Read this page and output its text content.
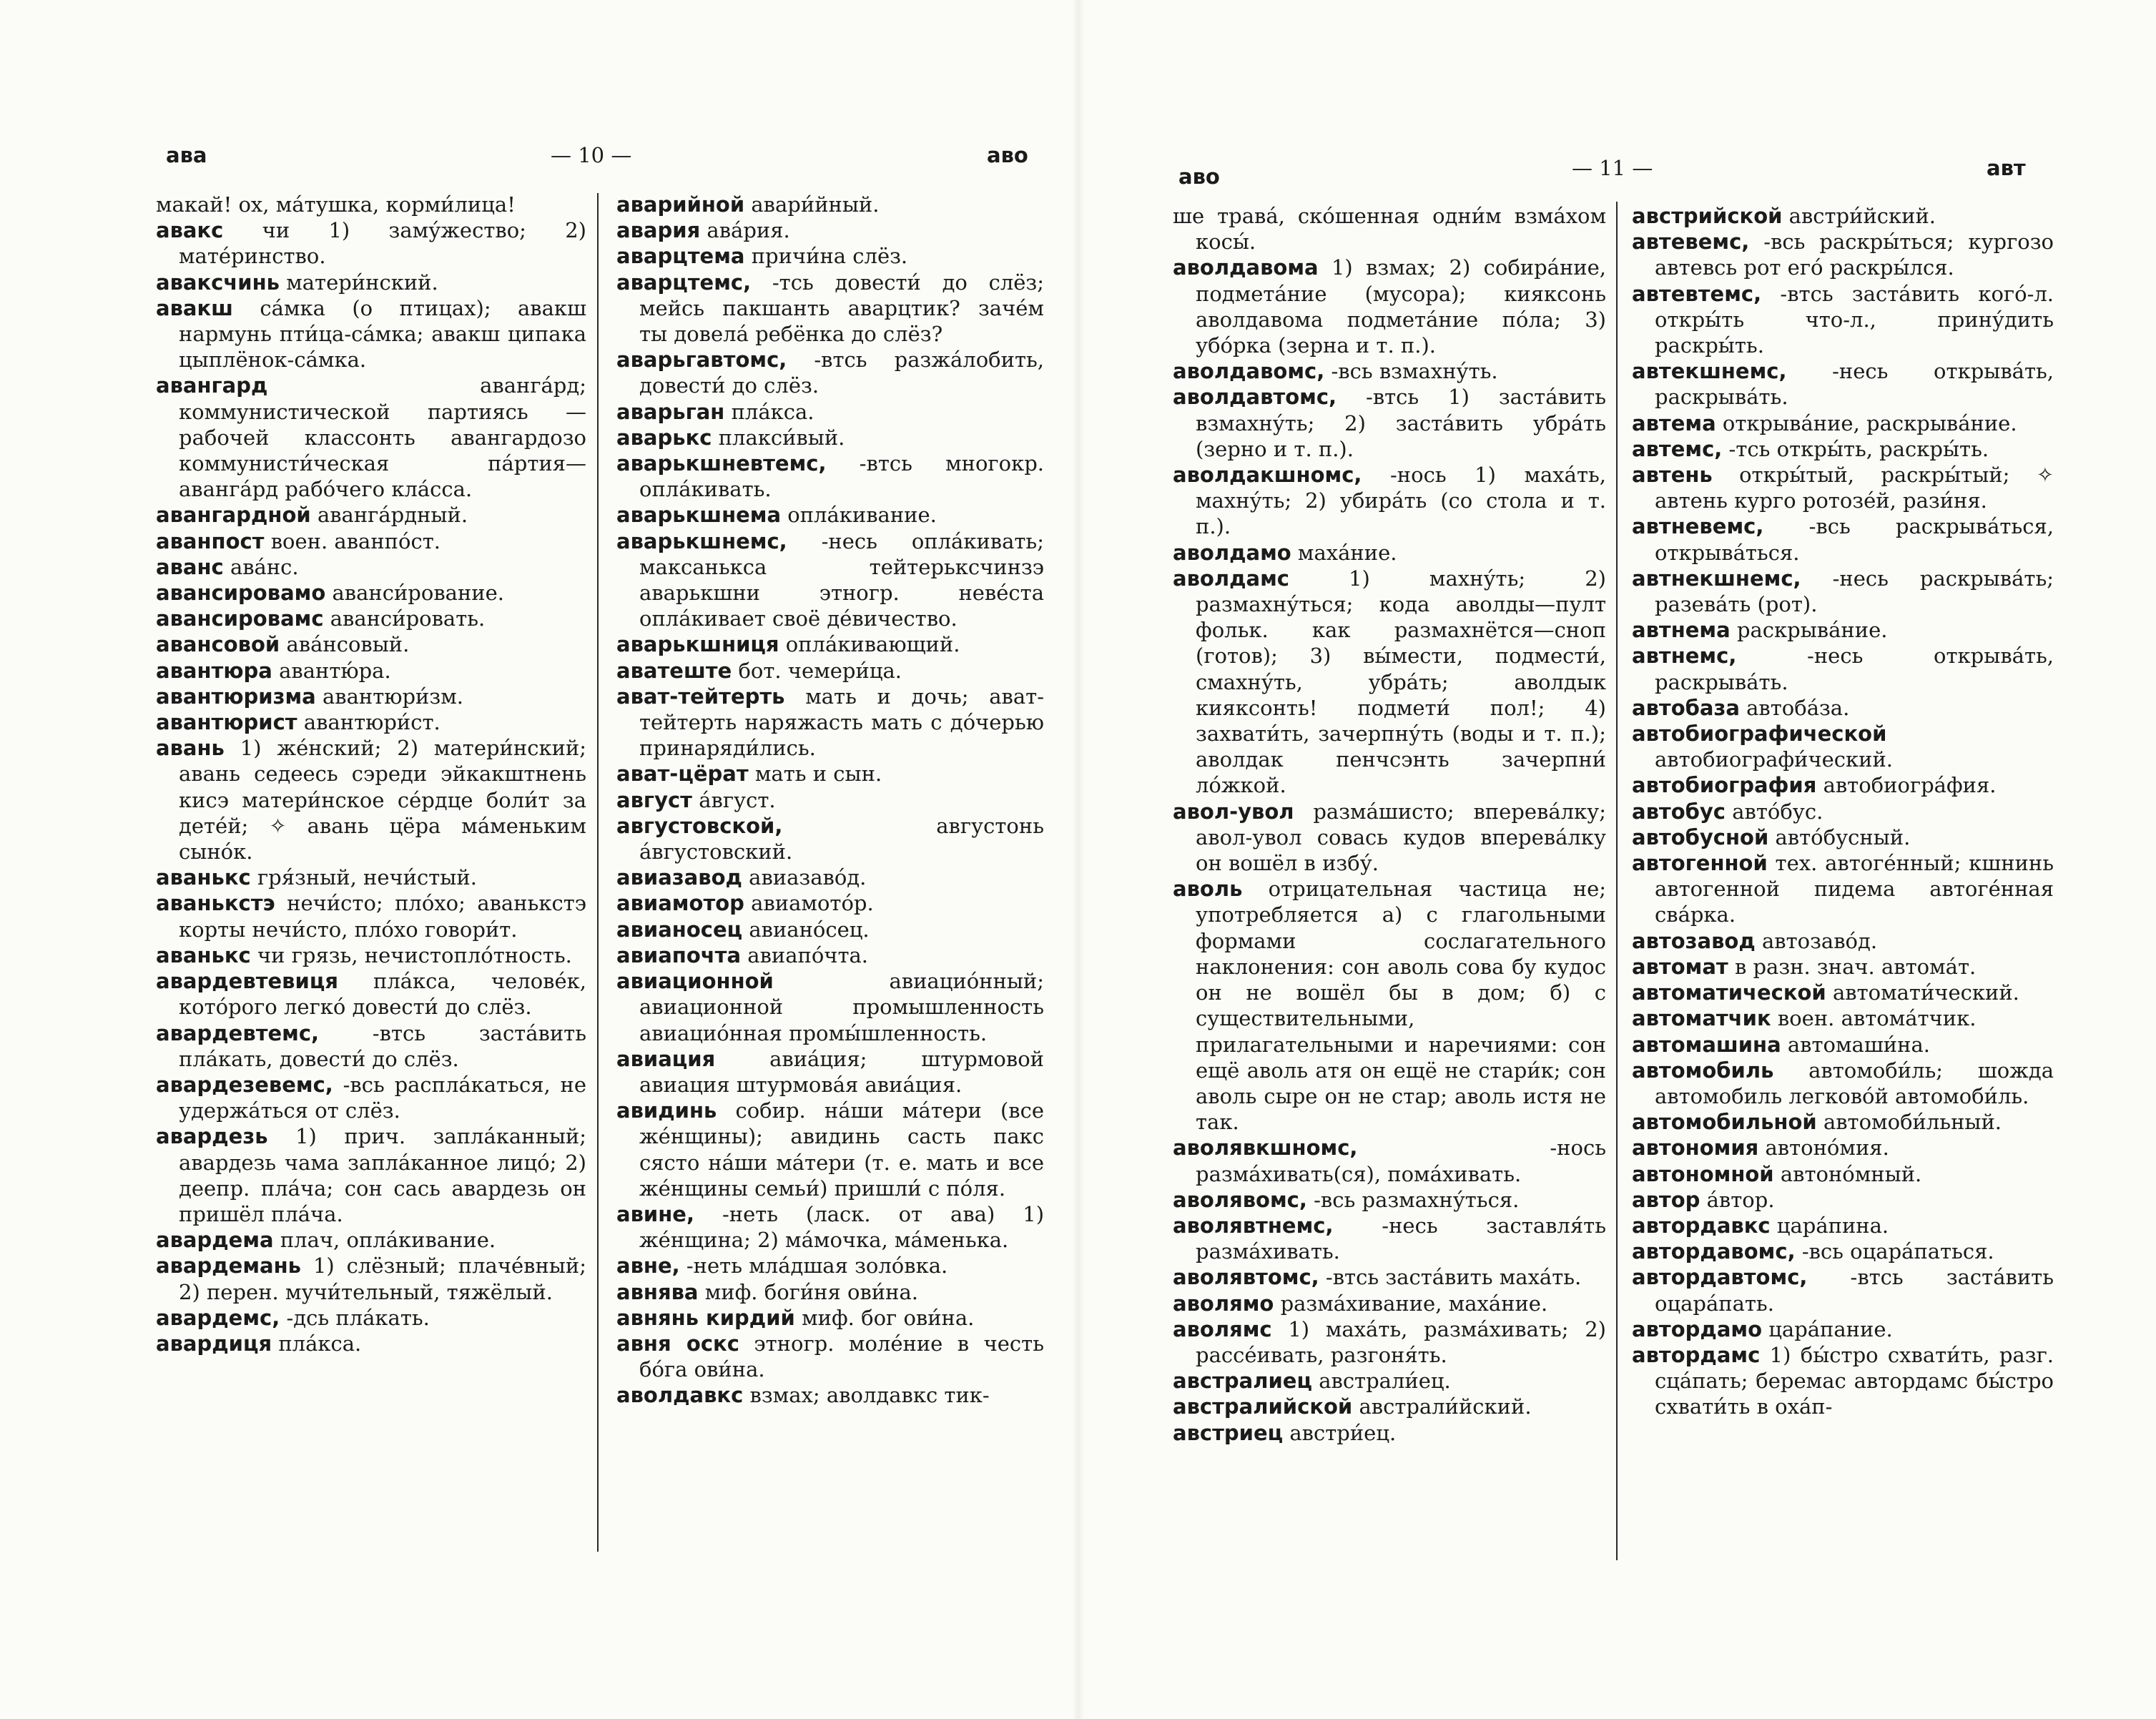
ава	— 10 —	аво
макай! ох, ма́тушка, корми́лица!
авакс чи 1) заму́жество; 2) мате́ринство.
аваксчинь матери́нский.
авакш са́мка (о птицах); авакш нармунь пти́ца-са́мка; авакш ципака цыплёнок-са́мка.
авангард	аванга́рд; коммунистической партиясь — рабочей классонть авангардозо коммунисти́ческая па́ртия—аванга́рд рабо́чего кла́сса.
авангардной аванга́рдный.
аванпост воен. аванпо́ст.
аванс ава́нс.
авансировамо аванси́рование.
авансировамс аванси́ровать.
авансовой ава́нсовый.
авантюра авантю́ра.
авантюризма авантюри́зм.
авантюрист авантюри́ст.
авань 1) же́нский; 2) матери́нский; авань седеесь сэреди эйкакштнень кисэ матери́нское се́рдце боли́т за дете́й; ✧ авань цёра ма́меньким сыно́к.
аванькс гря́зный, нечи́стый.
аванькстэ нечи́сто; пло́хо; аванькстэ корты нечи́сто, пло́хо говори́т.
аванькс чи грязь, нечистопло́тность.
авардевтевиця пла́кса, челове́к, кото́рого легко́ довести́ до слёз.
авардевтемс,	-втсь заста́вить пла́кать, довести́ до слёз.
авардезевемс, -всь распла́каться, не удержа́ться от слёз.
авардезь 1) прич. запла́канный; авардезь чама запла́канное лицо́; 2) деепр. пла́ча; сон сась авардезь он пришёл пла́ча.
авардема плач, опла́кивание.
авардемань 1) слёзный; плаче́вный; 2) перен. мучи́тельный, тяжёлый.
авардемс, -дсь пла́кать.
авардиця пла́кса.
аварийной авари́йный.
авария ава́рия.
аварцтема причи́на слёз.
аварцтемс, -тсь довести́ до слёз; мейсь пакшанть аварцтик? заче́м ты довела́ ребёнка до слёз?
аварьгавтомс, -втсь разжа́лобить, довести́ до слёз.
аварьган пла́кса.
аварькс плакси́вый.
аварькшневтемс, -втсь многокр. опла́кивать.
аварькшнема опла́кивание.
аварькшнемс, -несь опла́кивать; максанькса тейтерьксчинзэ аварькшни этногр. неве́ста опла́кивает своё де́вичество.
аварькшниця опла́кивающий.
аватеште бот. чемери́ца.
ават-тейтерть мать и дочь; ават-тейтерть наряжасть мать с до́черью принаряди́лись.
ават-цёрат мать и сын.
август а́вгуст.
августовской,	августонь а́вгустовский.
авиазавод авиазаво́д.
авиамотор авиамото́р.
авианосец авиано́сец.
авиапочта авиапо́чта.
авиационной	авиацио́нный; авиационной промышленность авиацио́нная промы́шленность.
авиация	авиа́ция; штурмовой авиация штурмова́я авиа́ция.
авидинь собир. на́ши ма́тери (все же́нщины); авидинь састь пакс сясто на́ши ма́тери (т. е. мать и все же́нщины семьи́) пришли́ с по́ля.
авине, -неть (ласк. от ава) 1) же́нщина; 2) ма́мочка, ма́менька.
авне, -неть мла́дшая золо́вка.
авнява миф. боги́ня ови́на.
авнянь кирдий миф. бог ови́на.
авня оскс этногр. моле́ние в честь бо́га ови́на.
аволдавкс взмах; аволдавкс тик-
аво	— 11 —	авт
ше трава́, ско́шенная одни́м взма́хом косы́.
аволдавома 1) взмах; 2) собира́ние, подмета́ние (мусора); кияксонь аволдавома подмета́ние по́ла; 3) убо́рка (зерна и т. п.).
аволдавомс, -всь взмахну́ть.
аволдавтомс, -втсь 1) заста́вить взмахну́ть; 2) заста́вить убра́ть (зерно и т. п.).
аволдакшномс, -ноcь 1) маха́ть, махну́ть; 2) убира́ть (со стола и т. п.).
аволдамо махáние.
аволдамс	1) махну́ть; 2) размахну́ться; кода аволды—пулт фольк. как размахнётся—сноп (готов); 3) вы́мести, подмести́, смахну́ть, убра́ть; аволдык кияксонть! подмети́ пол!; 4) захвати́ть, зачерпну́ть (воды и т. п.); аволдак пенчсэнть зачерпни́ ло́жкой.
авол-увол разма́шисто; вперева́лку; авол-увол совась кудов вперева́лку он вошёл в избу́.
аволь отрицательная частица не; употребляется а) с глагольными формами сослагательного наклонения: сон аволь сова бу кудос он не вошёл бы в дом; б) с существительными, прилагательными и наречиями: сон ещё аволь атя он ещё не стари́к; сон аволь сыре он не стар; аволь истя не так.
аволявкшномс,	-ноcь разма́хивать(ся), пома́хивать.
аволявомс, -всь размахну́ться.
аволявтнемс, -несь заставля́ть разма́хивать.
аволявтомс, -втсь заста́вить маха́ть.
аволямо разма́хивание, маха́ние.
аволямс 1) маха́ть, разма́хивать; 2) рассе́ивать, разгоня́ть.
австралиец австрали́ец.
австралийской австрали́йский.
австриец австри́ец.
австрийской австри́йский.
автевемс, -всь раскры́ться; кургозо автевсь рот его́ раскры́лся.
автевтемс, -втсь заста́вить кого́-л. откры́ть что-л., прину́дить раскры́ть.
автекшнемс, -несь открыва́ть, раскрыва́ть.
автема открыва́ние, раскрыва́ние.
автемс, -тсь откры́ть, раскры́ть.
автень откры́тый, раскры́тый; ✧ автень курго ротозе́й, рази́ня.
автневемс, -всь раскрыва́ться, открыва́ться.
автнекшнемс, -несь раскрыва́ть; разева́ть (рот).
автнема раскрыва́ние.
автнемс,	-несь открыва́ть, раскрыва́ть.
автобаза автоба́за.
автобиографической автобиографи́ческий.
автобиография автобиогра́фия.
автобус авто́бус.
автобусной авто́бусный.
автогенной тех. автоге́нный; кшнинь автогенной пидема автоге́нная сва́рка.
автозавод автозаво́д.
автомат в разн. знач. автома́т.
автоматической автомати́ческий.
автоматчик воен. автома́тчик.
автомашина автомаши́на.
автомобиль автомоби́ль; шожда автомобиль легково́й автомоби́ль.
автомобильной автомоби́льный.
автономия автоно́мия.
автономной автоно́мный.
автор а́втор.
автордавкс цара́пина.
автордавомс, -всь оцара́паться.
автордавтомс, -втсь заста́вить оцара́пать.
автордамо цара́пание.
автордамс 1) бы́стро схвати́ть, разг. сца́пать; беремас автордамс бы́стро схвати́ть в оха́п-
